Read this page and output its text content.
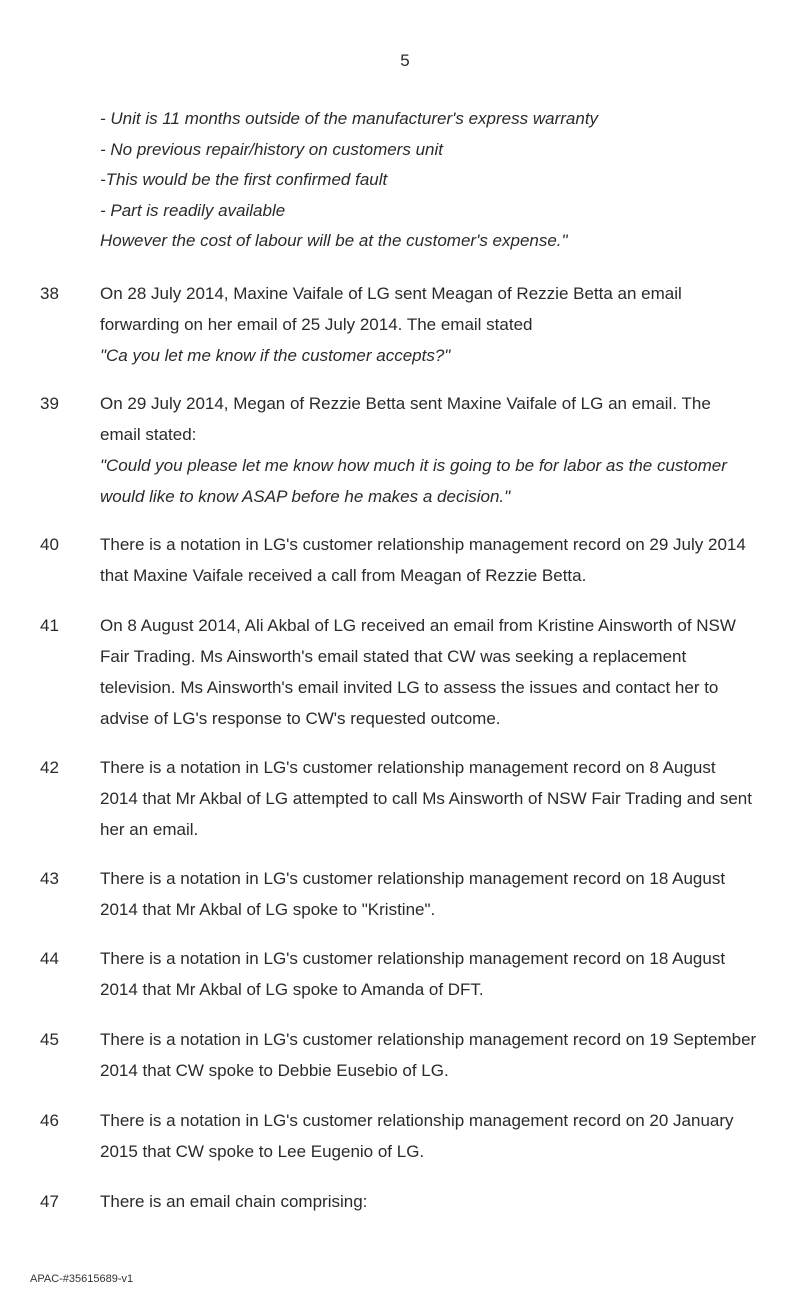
5
- Unit is 11 months outside of the manufacturer's express warranty
- No previous repair/history on customers unit
-This would be the first confirmed fault
- Part is readily available
However the cost of labour will be at the customer's expense."
38 On 28 July 2014, Maxine Vaifale of LG sent Meagan of Rezzie Betta an email
forwarding on her email of 25 July 2014. The email stated
"Ca you let me know if the customer accepts?"
39 On 29 July 2014, Megan of Rezzie Betta sent Maxine Vaifale of LG an email. The
email stated:
"Could you please let me know how much it is going to be for labor as the customer
would like to know ASAP before he makes a decision."
40 There is a notation in LG's customer relationship management record on 29 July 2014
that Maxine Vaifale received a call from Meagan of Rezzie Betta.
41 On 8 August 2014, Ali Akbal of LG received an email from Kristine Ainsworth of NSW
Fair Trading. Ms Ainsworth's email stated that CW was seeking a replacement
television. Ms Ainsworth's email invited LG to assess the issues and contact her to
advise of LG's response to CW's requested outcome.
42 There is a notation in LG's customer relationship management record on 8 August
2014 that Mr Akbal of LG attempted to call Ms Ainsworth of NSW Fair Trading and sent
her an email.
43 There is a notation in LG's customer relationship management record on 18 August
2014 that Mr Akbal of LG spoke to "Kristine".
44 There is a notation in LG's customer relationship management record on 18 August
2014 that Mr Akbal of LG spoke to Amanda of DFT.
45 There is a notation in LG's customer relationship management record on 19 September
2014 that CW spoke to Debbie Eusebio of LG.
46 There is a notation in LG's customer relationship management record on 20 January
2015 that CW spoke to Lee Eugenio of LG.
47 There is an email chain comprising:
APAC-#35615689-v1
